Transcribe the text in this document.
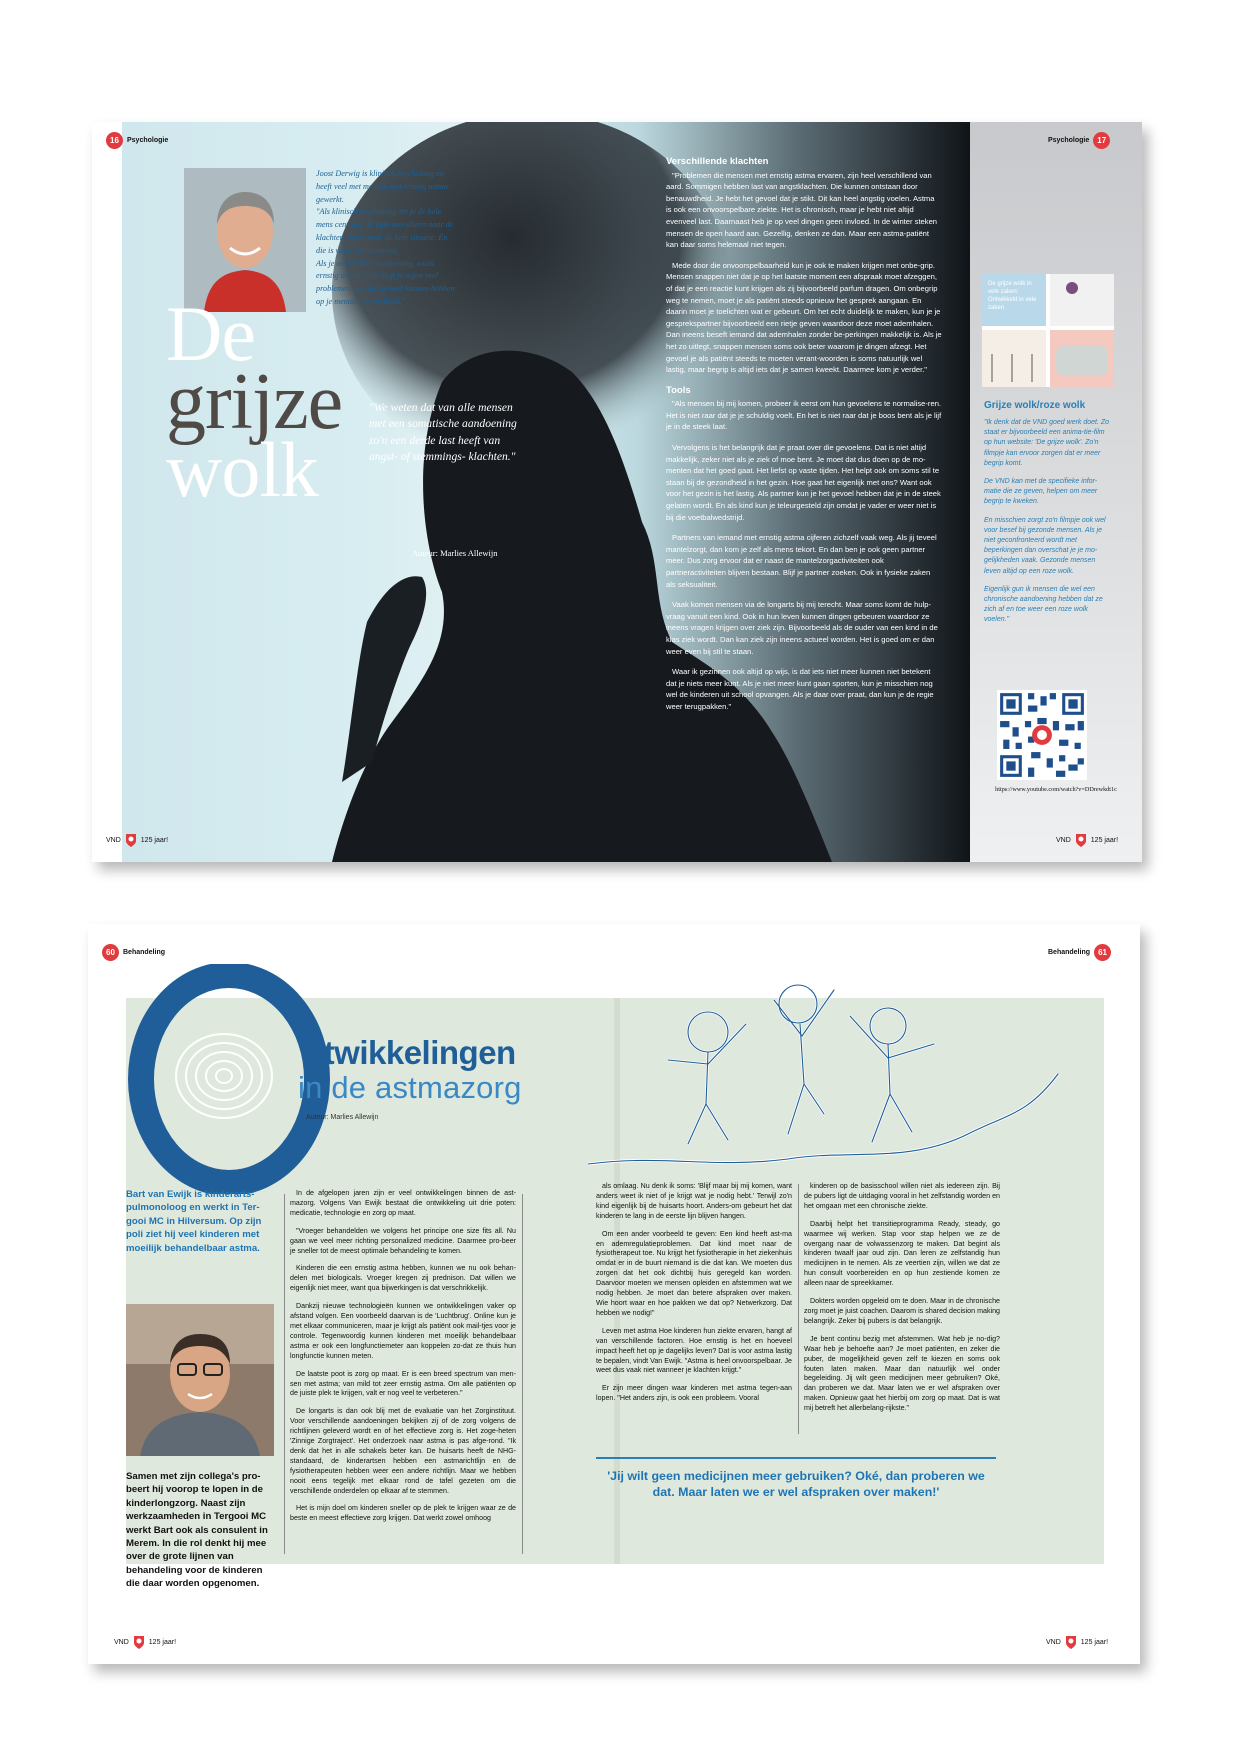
16	Psychologie

Joost Derwig is klinisch psycholoog en heeft veel met mensen met ernstig astma gewerkt.

"Als klinisch psycholoog zet je de hele mens centraal. Je kijkt niet alleen naar de klachten, maar naar de hele situatie. En die is vaak heel complex.

Als je een fysieke aandoening, zoals ernstig astma, hebt loop je tegen veel problemen aan die invloed kunnen hebben op je mentale gezondheid."

De
grijze
wolk
"We weten dat van alle mensen met een somatische aandoening zo'n een derde last heeft van angst- of stemmings- klachten."
Auteur: Marlies Allewijn
Verschillende klachten

"Problemen die mensen met ernstig astma ervaren, zijn heel verschillend van aard. Sommigen hebben last van angstklachten. Die kunnen ontstaan door benauwdheid. Je hebt het gevoel dat je stikt. Dit kan heel angstig voelen. Astma is ook een onvoorspelbare ziekte. Het is chronisch, maar je hebt niet altijd evenveel last. Daarnaast heb je op veel dingen geen invloed. In de winter steken mensen de open haard aan. Gezellig, denken ze dan. Maar een astma-patiënt kan daar soms helemaal niet tegen.

Mede door die onvoorspelbaarheid kun je ook te maken krijgen met onbe-grip. Mensen snappen niet dat je op het laatste moment een afspraak moet afzeggen, of dat je een reactie kunt krijgen als zij bijvoorbeeld parfum dragen. Om onbegrip weg te nemen, moet je als patiënt steeds opnieuw het gesprek aangaan. En daarin moet je toelichten wat er gebeurt. Om het echt duidelijk te maken, kun je je gesprekspartner bijvoorbeeld een rietje geven waardoor deze moet ademhalen. Dan ineens beseft iemand dat ademhalen zonder be-perkingen makkelijk is. Als je het zo uitlegt, snappen mensen soms ook beter waarom je dingen afzegt. Het gevoel je als patiënt steeds te moeten verant-woorden is soms natuurlijk wel lastig, maar begrip is altijd iets dat je samen kweekt. Daarmee kom je verder."

Tools

"Als mensen bij mij komen, probeer ik eerst om hun gevoelens te normalise-ren. Het is niet raar dat je je schuldig voelt. En het is niet raar dat je boos bent als je lijf je in de steek laat.

Vervolgens is het belangrijk dat je praat over die gevoelens. Dat is niet altijd makkelijk, zeker niet als je ziek of moe bent. Je moet dat dus doen op de mo-menten dat het goed gaat. Het liefst op vaste tijden. Het helpt ook om soms stil te staan bij de gezondheid in het gezin. Hoe gaat het eigenlijk met ons? Want ook voor het gezin is het lastig. Als partner kun je het gevoel hebben dat je in de steek gelaten wordt. En als kind kun je teleurgesteld zijn omdat je vader er weer niet is bij die voetbalwedstrijd.

Partners van iemand met ernstig astma cijferen zichzelf vaak weg. Als jij teveel mantelzorgt, dan kom je zelf als mens tekort. En dan ben je ook geen partner meer. Dus zorg ervoor dat er naast de mantelzorgactiviteiten ook partneractiviteiten blijven bestaan. Blijf je partner zoeken. Ook in fysieke zaken als seksualiteit.

Vaak komen mensen via de longarts bij mij terecht. Maar soms komt de hulp-vraag vanuit een kind. Ook in hun leven kunnen dingen gebeuren waardoor ze ineens vragen krijgen over ziek zijn. Bijvoorbeeld als de ouder van een kind in de klas ziek wordt. Dan kan ziek zijn ineens actueel worden. Het is goed om er dan weer even bij stil te staan.

Waar ik gezinnen ook altijd op wijs, is dat iets niet meer kunnen niet betekent dat je niets meer kunt. Als je niet meer kunt gaan sporten, kun je misschien nog wel de kinderen uit school opvangen. Als je daar over praat, dan kun je de regie weer terugpakken."

Psychologie	17
De grijze wolk in vele zaken: Ontwikkeld in vele zaken
Grijze wolk/roze wolk

"Ik denk dat de VND goed werk doet. Zo staat er bijvoorbeeld een anima-tie-film op hun website: 'De grijze wolk'. Zo'n filmpje kan ervoor zorgen dat er meer begrip komt.

De VND kan met de specifieke infor-matie die ze geven, helpen om meer begrip te kweken.

En misschien zorgt zo'n filmpje ook wel voor besef bij gezonde mensen. Als je niet geconfronteerd wordt met beperkingen dan overschat je je mo-gelijkheden vaak. Gezonde mensen leven altijd op een roze wolk.

Eigenlijk gun ik mensen die wel een chronische aandoening hebben dat ze zich af en toe weer een roze wolk voelen."

https://www.youtube.com/watch?v=DDrewkdt1c
VND	125 jaar!	VND	125 jaar!
60	Behandeling	Behandeling	61
ntwikkelingen
in de astmazorg
Auteur: Marlies Allewijn
Bart van Ewijk is kinderarts-pulmonoloog en werkt in Ter-gooi MC in Hilversum. Op zijn poli ziet hij veel kinderen met moeilijk behandelbaar astma.
Samen met zijn collega's pro-beert hij voorop te lopen in de kinderlongzorg. Naast zijn werkzaamheden in Tergooi MC werkt Bart ook als consulent in Merem. In die rol denkt hij mee over de grote lijnen van behandeling voor de kinderen die daar worden opgenomen.

In de afgelopen jaren zijn er veel ontwikkelingen binnen de ast-mazorg. Volgens Van Ewijk bestaat die ontwikkeling uit drie poten: medicatie, technologie en zorg op maat.

"Vroeger behandelden we volgens het principe one size fits all. Nu gaan we veel meer richting personalized medicine. Daarmee pro-beer je sneller tot de meest optimale behandeling te komen.

Kinderen die een ernstig astma hebben, kunnen we nu ook behan-delen met biologicals. Vroeger kregen zij prednison. Dat willen we eigenlijk niet meer, want qua bijwerkingen is dat verschrikkelijk.

Dankzij nieuwe technologieën kunnen we ontwikkelingen vaker op afstand volgen. Een voorbeeld daarvan is de 'Luchtbrug'. Online kun je met elkaar communiceren, maar je krijgt als patiënt ook mail-tjes voor je controle. Tegenwoordig kunnen kinderen met moeilijk behandelbaar astma er ook een longfunctiemeter aan koppelen zo-dat ze thuis hun longfunctie kunnen meten.

De laatste poot is zorg op maat. Er is een breed spectrum van men-sen met astma; van mild tot zeer ernstig astma. Om alle patiënten op de juiste plek te krijgen, valt er nog veel te verbeteren."

De longarts is dan ook blij met de evaluatie van het Zorginstituut. Voor verschillende aandoeningen bekijken zij of de zorg volgens de richtlijnen geleverd wordt en of het effectieve zorg is. Het zoge-heten 'Zinnige Zorgtraject'. Het onderzoek naar astma is pas afge-rond. "Ik denk dat het in alle schakels beter kan. De huisarts heeft de NHG-standaard, de kinderartsen hebben een astmarichtlijn en de fysiotherapeuten hebben weer een andere richtlijn. Maar we hebben nooit eens tegelijk met elkaar rond de tafel gezeten om die verschillende onderdelen op elkaar af te stemmen.

Het is mijn doel om kinderen sneller op de plek te krijgen waar ze de beste en meest effectieve zorg krijgen. Dat werkt zowel omhoog

als omlaag. Nu denk ik soms: 'Blijf maar bij mij komen, want anders weet ik niet of je krijgt wat je nodig hebt.' Terwijl zo'n kind eigenlijk bij de huisarts hoort. Anders-om gebeurt het dat kinderen te lang in de eerste lijn blijven hangen.

Om een ander voorbeeld te geven: Een kind heeft ast-ma en ademregulatieproblemen. Dat kind moet naar de fysiotherapeut toe. Nu krijgt het fysiotherapie in het ziekenhuis omdat er in de buurt niemand is die dat kan. We moeten dus zorgen dat het ook dichtbij huis geregeld kan worden. Daarvoor moeten we mensen opleiden en afstemmen wat we nodig hebben. Je moet dan betere afspraken over maken. Wie hoort waar en hoe pakken we dat op? Netwerkzorg. Dat hebben we nodig!"

Leven met astma Hoe kinderen hun ziekte ervaren, hangt af van verschillende factoren. Hoe ernstig is het en hoeveel impact heeft het op je dagelijks leven? Dat is voor astma lastig te bepalen, vindt Van Ewijk. "Astma is heel onvoorspelbaar. Je weet dus vaak niet wanneer je klachten krijgt."

Er zijn meer dingen waar kinderen met astma tegen-aan lopen. "Het anders zijn, is ook een probleem. Vooral

kinderen op de basisschool willen niet als iedereen zijn. Bij de pubers ligt de uitdaging vooral in het zelfstandig worden en het omgaan met een chronische ziekte.

Daarbij helpt het transitieprogramma Ready, steady, go waarmee wij werken. Stap voor stap helpen we ze de overgang naar de volwassenzorg te maken. Dat begint als kinderen twaalf jaar oud zijn. Dan leren ze zelfstandig hun medicijnen in te nemen. Als ze veertien zijn, willen we dat ze hun consult voorbereiden en op hun zestiende komen ze alleen naar de spreekkamer.

Dokters worden opgeleid om te doen. Maar in de chronische zorg moet je juist coachen. Daarom is shared decision making belangrijk. Zeker bij pubers is dat belangrijk.

Je bent continu bezig met afstemmen. Wat heb je no-dig? Waar heb je behoefte aan? Je moet patiënten, en zeker die puber, de mogelijkheid geven zelf te kiezen en soms ook fouten laten maken. Maar dan natuurlijk wel onder begeleiding. Jij wilt geen medicijnen meer gebruiken? Oké, dan proberen we dat. Maar laten we er wel afspraken over maken. Opnieuw gaat het hierbij om zorg op maat. Dat is wat mij betreft het allerbelang-rijkste."

'Jij wilt geen medicijnen meer gebruiken? Oké, dan proberen we dat. Maar laten we er wel afspraken over maken!'
VND	125 jaar!	VND	125 jaar!
